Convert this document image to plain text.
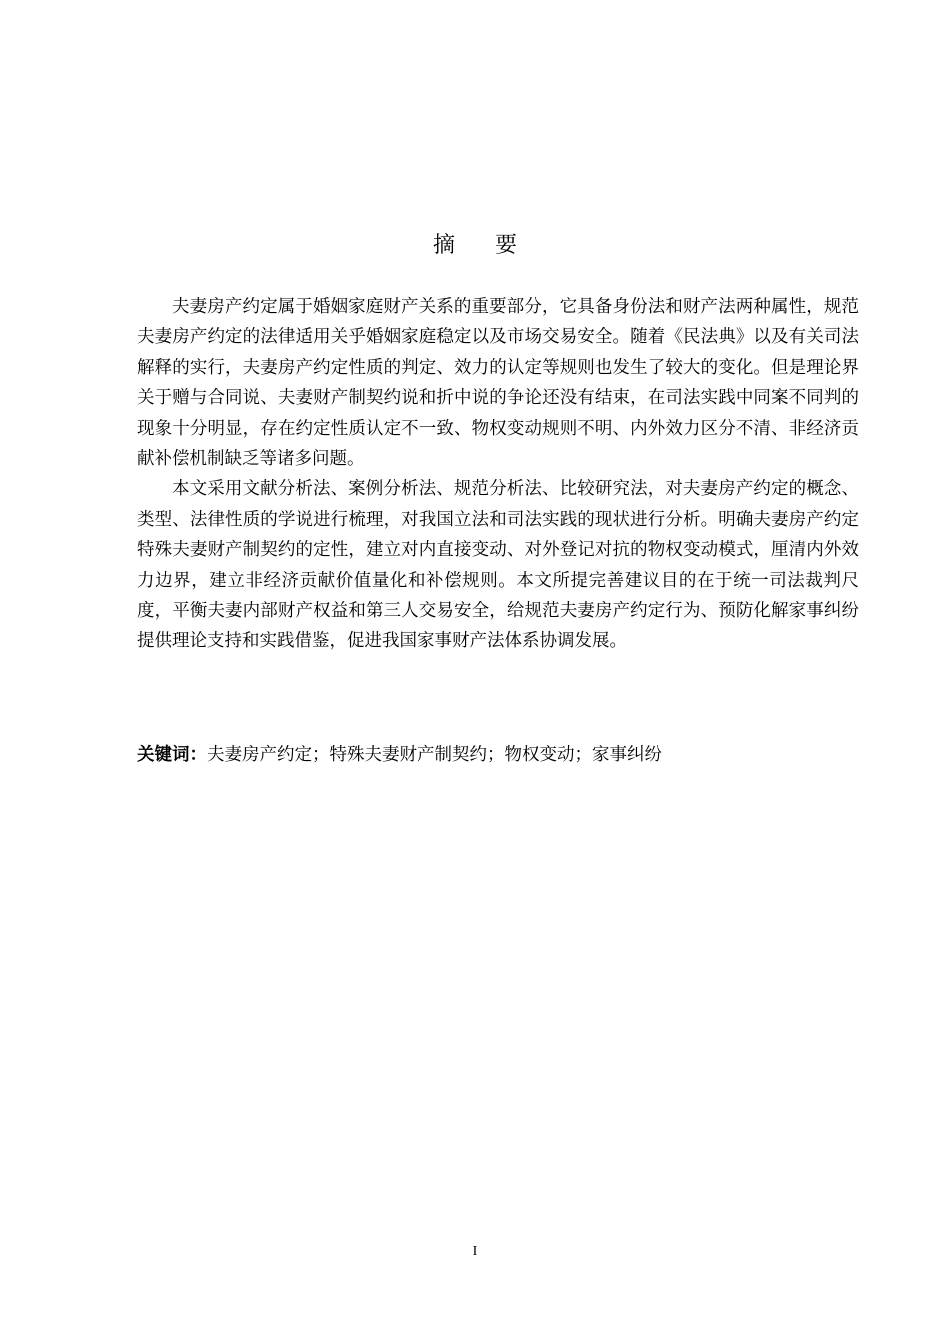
摘要

夫妻房产约定属于婚姻家庭财产关系的重要部分，它具备身份法和财产法两种属性，规范夫妻房产约定的法律适用关乎婚姻家庭稳定以及市场交易安全。随着《民法典》以及有关司法解释的实行，夫妻房产约定性质的判定、效力的认定等规则也发生了较大的变化。但是理论界关于赠与合同说、夫妻财产制契约说和折中说的争论还没有结束，在司法实践中同案不同判的现象十分明显，存在约定性质认定不一致、物权变动规则不明、内外效力区分不清、非经济贡献补偿机制缺乏等诸多问题。

本文采用文献分析法、案例分析法、规范分析法、比较研究法，对夫妻房产约定的概念、类型、法律性质的学说进行梳理，对我国立法和司法实践的现状进行分析。明确夫妻房产约定特殊夫妻财产制契约的定性，建立对内直接变动、对外登记对抗的物权变动模式，厘清内外效力边界，建立非经济贡献价值量化和补偿规则。本文所提完善建议目的在于统一司法裁判尺度，平衡夫妻内部财产权益和第三人交易安全，给规范夫妻房产约定行为、预防化解家事纠纷提供理论支持和实践借鉴，促进我国家事财产法体系协调发展。

关键词：夫妻房产约定；特殊夫妻财产制契约；物权变动；家事纠纷
I
